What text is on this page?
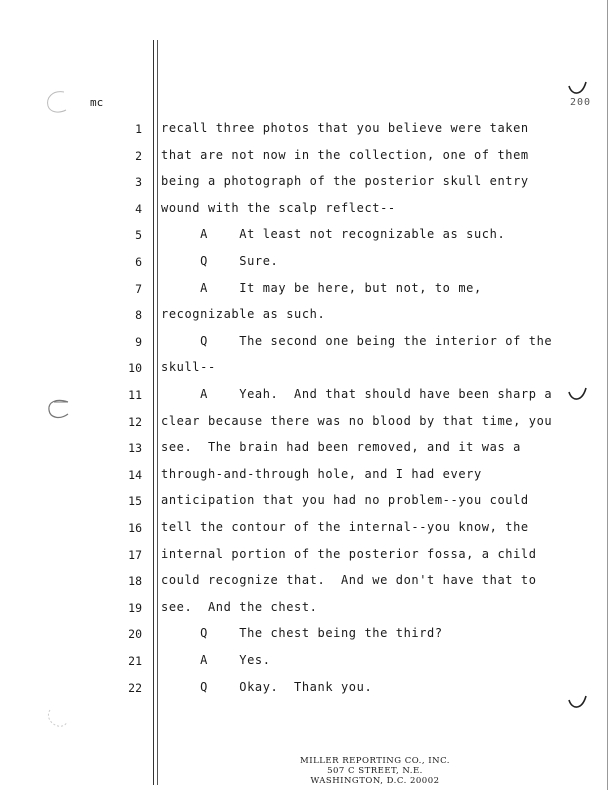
mc	200
1 recall three photos that you believe were taken
2 that are not now in the collection, one of them
3 being a photograph of the posterior skull entry
4 wound with the scalp reflect--
5 A    At least not recognizable as such.
6 Q    Sure.
7 A    It may be here, but not, to me,
8 recognizable as such.
9 Q    The second one being the interior of the
10 skull--
11 A    Yeah.  And that should have been sharp a
12 clear because there was no blood by that time, you
13 see.  The brain had been removed, and it was a
14 through-and-through hole, and I had every
15 anticipation that you had no problem--you could
16 tell the contour of the internal--you know, the
17 internal portion of the posterior fossa, a child
18 could recognize that.  And we don't have that to
19 see.  And the chest.
20 Q    The chest being the third?
21 A    Yes.
22 Q    Okay.  Thank you.
MILLER REPORTING CO., INC.
507 C STREET, N.E.
WASHINGTON, D.C. 20002
